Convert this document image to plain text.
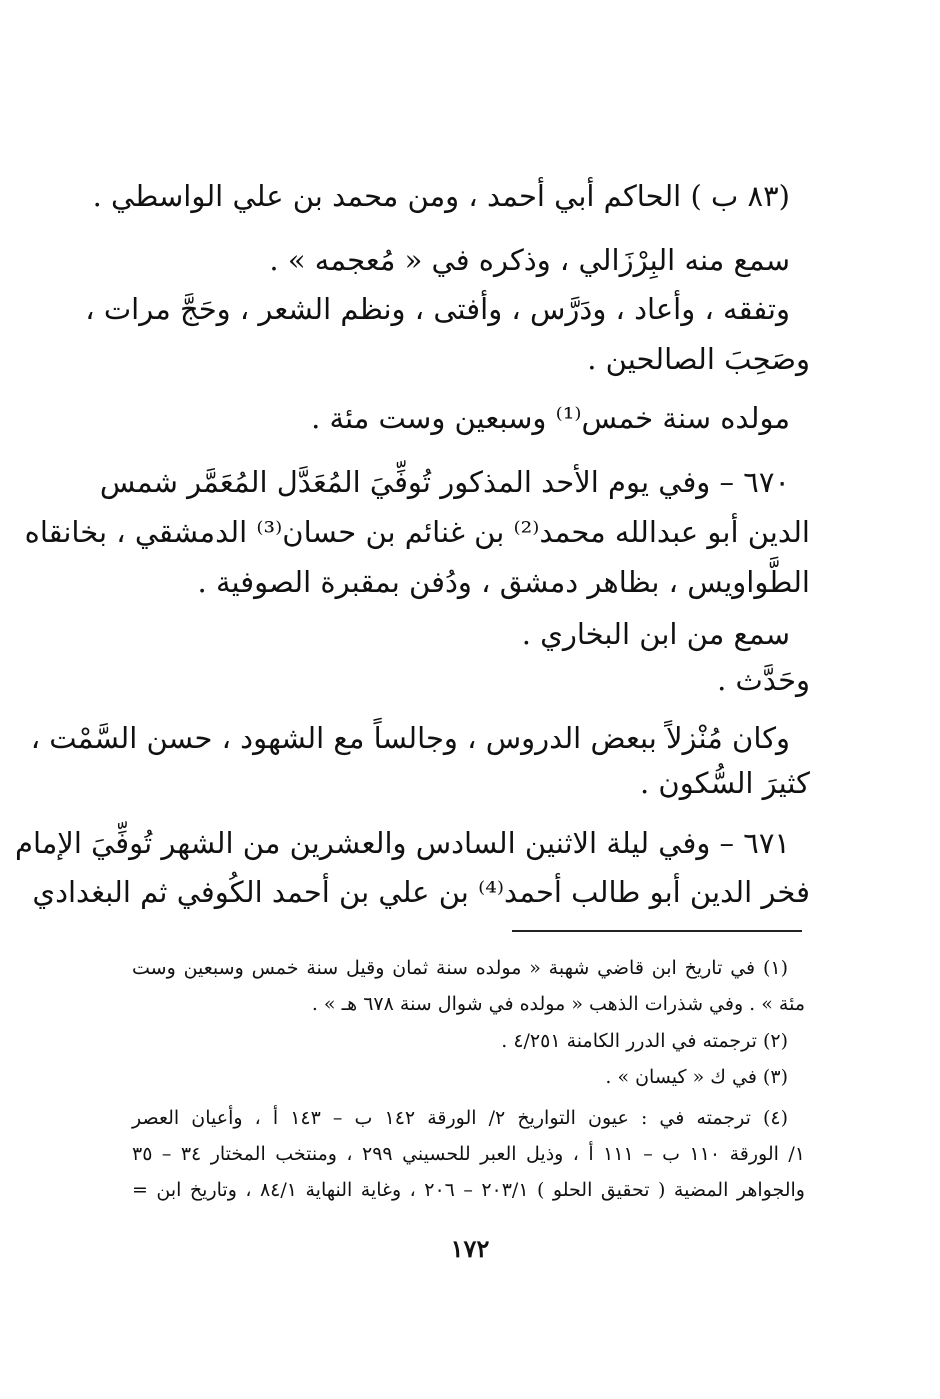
(٨٣ ب ) الحاكم أبي أحمد ، ومن محمد بن علي الواسطي .
سمع منه البِرْزَالي ، وذكره في « مُعجمه » .
وتفقه ، وأعاد ، ودَرَّس ، وأفتى ، ونظم الشعر ، وحَجَّ مرات ،
وصَحِبَ الصالحين .
مولده سنة خمس⁽¹⁾ وسبعين وست مئة .
٦٧٠ – وفي يوم الأحد المذكور تُوفِّيَ المُعَدَّل المُعَمَّر شمس
الدين أبو عبدالله محمد⁽²⁾ بن غنائم بن حسان⁽³⁾ الدمشقي ، بخانقاه
الطَّواويس ، بظاهر دمشق ، ودُفن بمقبرة الصوفية .
سمع من ابن البخاري .
وحَدَّث .
وكان مُنْزلاً ببعض الدروس ، وجالساً مع الشهود ، حسن السَّمْت ،
كثيرَ السُّكون .
٦٧١ – وفي ليلة الاثنين السادس والعشرين من الشهر تُوفِّيَ الإمام
فخر الدين أبو طالب أحمد⁽⁴⁾ بن علي بن أحمد الكُوفي ثم البغدادي
(١) في تاريخ ابن قاضي شهبة « مولده سنة ثمان وقيل سنة خمس وسبعين وست
مئة » . وفي شذرات الذهب « مولده في شوال سنة ٦٧٨ هـ » .
(٢) ترجمته في الدرر الكامنة ٤/٢٥١ .
(٣) في ك « كيسان » .
(٤) ترجمته في : عيون التواريخ ٢/ الورقة ١٤٢ ب – ١٤٣ أ ، وأعيان العصر
١/ الورقة ١١٠ ب – ١١١ أ ، وذيل العبر للحسيني ٢٩٩ ، ومنتخب المختار ٣٤ – ٣٥
والجواهر المضية ( تحقيق الحلو ) ٢٠٣/١ – ٢٠٦ ، وغاية النهاية ٨٤/١ ، وتاريخ ابن =
١٧٢
